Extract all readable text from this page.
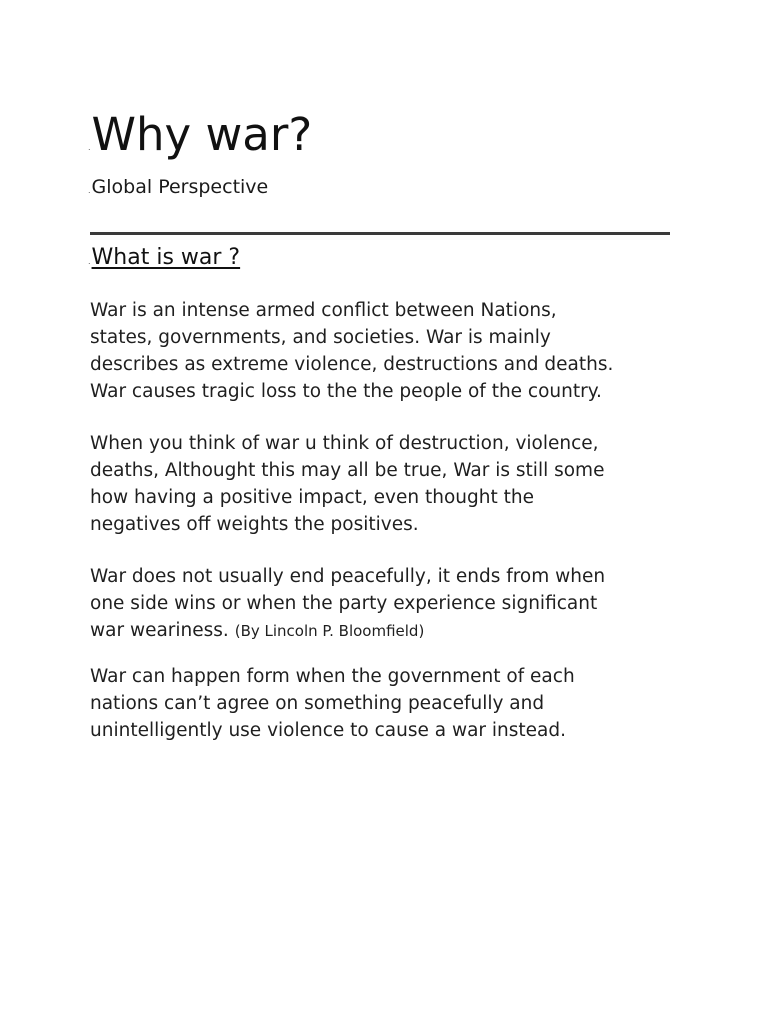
.Why war?
.Global Perspective
.What is war ?

War is an intense armed conflict between Nations,
states, governments, and societies. War is mainly
describes as extreme violence, destructions and deaths.
War causes tragic loss to the the people of the country.

When you think of war u think of destruction, violence,
deaths, Althought this may all be true, War is still some
how having a positive impact, even thought the
negatives off weights the positives.

War does not usually end peacefully, it ends from when
one side wins or when the party experience significant
war weariness. (By Lincoln P. Bloomfield)

War can happen form when the government of each
nations can’t agree on something peacefully and
unintelligently use violence to cause a war instead.
